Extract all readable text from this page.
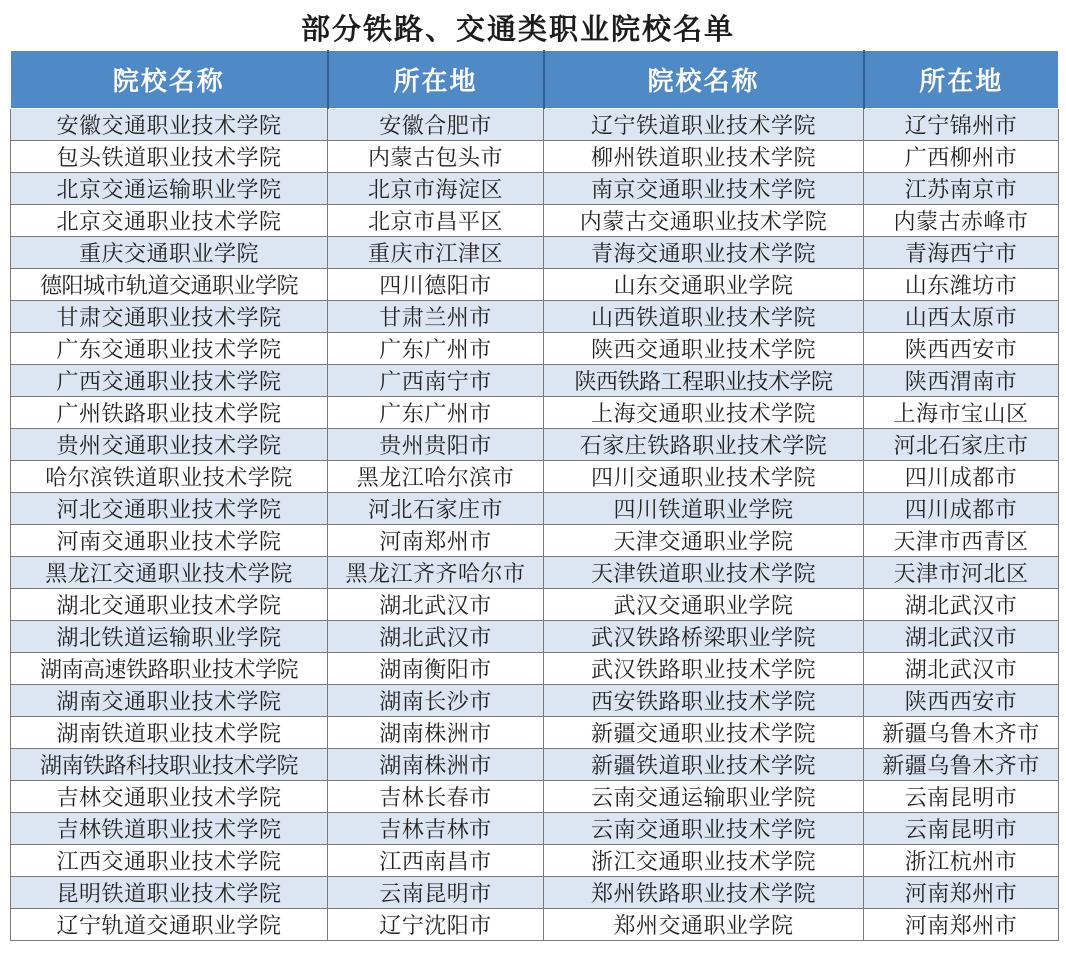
部分铁路、交通类职业院校名单
院校名称	所在地	院校名称	所在地
安徽交通职业技术学院	安徽合肥市	辽宁铁道职业技术学院	辽宁锦州市
包头铁道职业技术学院	内蒙古包头市	柳州铁道职业技术学院	广西柳州市
北京交通运输职业学院	北京市海淀区	南京交通职业技术学院	江苏南京市
北京交通职业技术学院	北京市昌平区	内蒙古交通职业技术学院	内蒙古赤峰市
重庆交通职业学院	重庆市江津区	青海交通职业技术学院	青海西宁市
德阳城市轨道交通职业学院	四川德阳市	山东交通职业学院	山东潍坊市
甘肃交通职业技术学院	甘肃兰州市	山西铁道职业技术学院	山西太原市
广东交通职业技术学院	广东广州市	陕西交通职业技术学院	陕西西安市
广西交通职业技术学院	广西南宁市	陕西铁路工程职业技术学院	陕西渭南市
广州铁路职业技术学院	广东广州市	上海交通职业技术学院	上海市宝山区
贵州交通职业技术学院	贵州贵阳市	石家庄铁路职业技术学院	河北石家庄市
哈尔滨铁道职业技术学院	黑龙江哈尔滨市	四川交通职业技术学院	四川成都市
河北交通职业技术学院	河北石家庄市	四川铁道职业学院	四川成都市
河南交通职业技术学院	河南郑州市	天津交通职业学院	天津市西青区
黑龙江交通职业技术学院	黑龙江齐齐哈尔市	天津铁道职业技术学院	天津市河北区
湖北交通职业技术学院	湖北武汉市	武汉交通职业学院	湖北武汉市
湖北铁道运输职业学院	湖北武汉市	武汉铁路桥梁职业学院	湖北武汉市
湖南高速铁路职业技术学院	湖南衡阳市	武汉铁路职业技术学院	湖北武汉市
湖南交通职业技术学院	湖南长沙市	西安铁路职业技术学院	陕西西安市
湖南铁道职业技术学院	湖南株洲市	新疆交通职业技术学院	新疆乌鲁木齐市
湖南铁路科技职业技术学院	湖南株洲市	新疆铁道职业技术学院	新疆乌鲁木齐市
吉林交通职业技术学院	吉林长春市	云南交通运输职业学院	云南昆明市
吉林铁道职业技术学院	吉林吉林市	云南交通职业技术学院	云南昆明市
江西交通职业技术学院	江西南昌市	浙江交通职业技术学院	浙江杭州市
昆明铁道职业技术学院	云南昆明市	郑州铁路职业技术学院	河南郑州市
辽宁轨道交通职业学院	辽宁沈阳市	郑州交通职业学院	河南郑州市
